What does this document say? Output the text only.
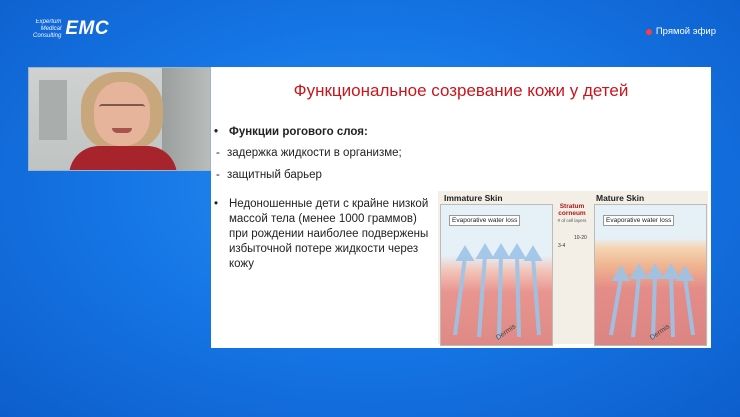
Expertum
Medical
Consulting EMC	Прямой эфир
Функциональное созревание кожи у детей
• Функции рогового слоя:
- задержка жидкости в организме;
- защитный барьер
• Недоношенные дети с крайне низкой массой тела (менее 1000 граммов) при рождении наиболее подвержены избыточной потере жидкости через кожу
Immature Skin	Mature Skin
Evaporative water loss
Dermis
Stratum
corneum
# of cell layers
3-4
10-20
Evaporative water loss
Dermis
